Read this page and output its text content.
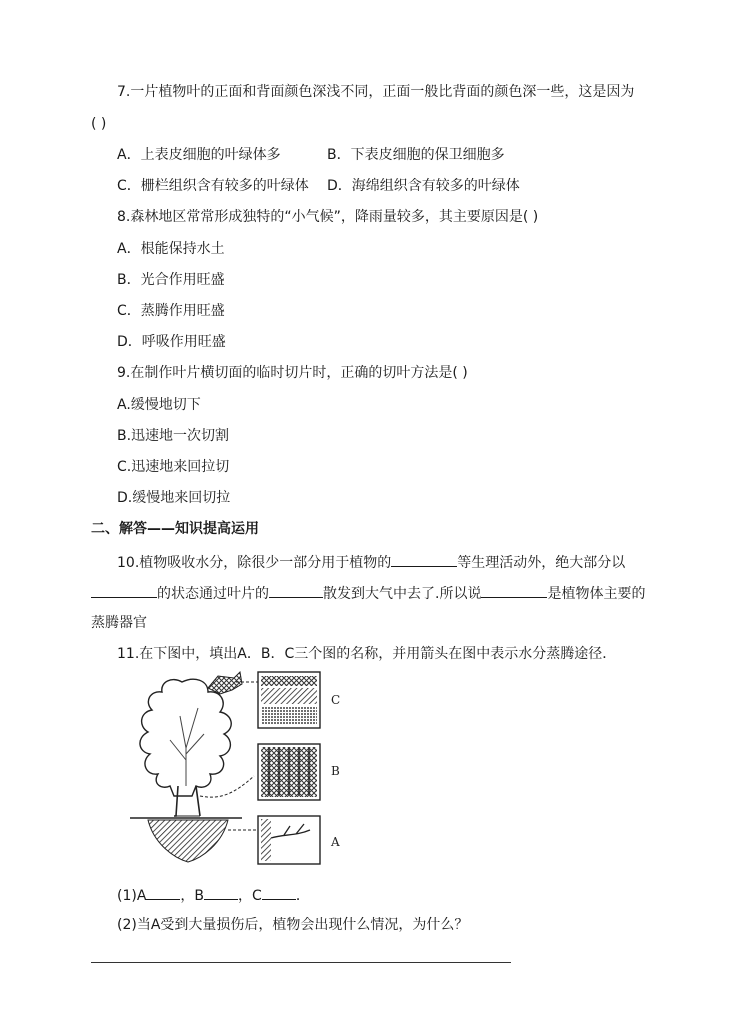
7.一片植物叶的正面和背面颜色深浅不同，正面一般比背面的颜色深一些，这是因为
( )
A．上表皮细胞的叶绿体多	B．下表皮细胞的保卫细胞多
C．栅栏组织含有较多的叶绿体 D．海绵组织含有较多的叶绿体
8.森林地区常常形成独特的“小气候”，降雨量较多，其主要原因是( )
A．根能保持水土
B．光合作用旺盛
C．蒸腾作用旺盛
D．呼吸作用旺盛
9.在制作叶片横切面的临时切片时，正确的切叶方法是( )
A.缓慢地切下
B.迅速地一次切割
C.迅速地来回拉切
D.缓慢地来回切拉
二、解答——知识提高运用
10.植物吸收水分，除很少一部分用于植物的	等生理活动外，绝大部分以
的状态通过叶片的	散发到大气中去了.所以说	是植物体主要的
蒸腾器官
11.在下图中，填出A．B．C三个图的名称，并用箭头在图中表示水分蒸腾途径．
C
B
A
(1)A ，B ，C ．
(2)当A受到大量损伤后，植物会出现什么情况，为什么？
